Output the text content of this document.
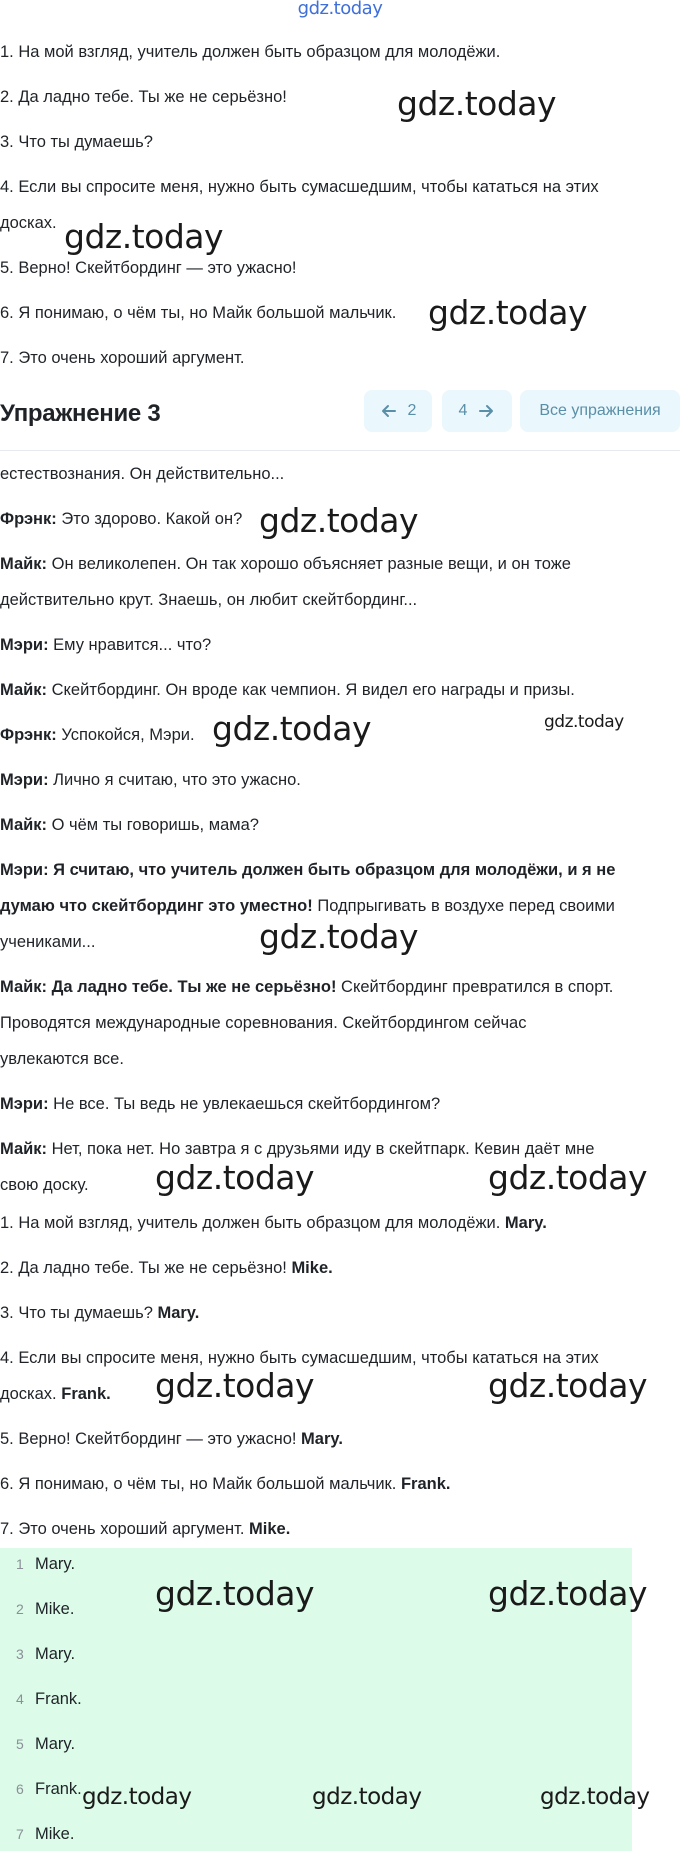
gdz.today
1. На мой взгляд, учитель должен быть образцом для молодёжи.
2. Да ладно тебе. Ты же не серьёзно!
3. Что ты думаешь?
4. Если вы спросите меня, нужно быть сумасшедшим, чтобы кататься на этих
досках.
5. Верно! Скейтбординг — это ужасно!
6. Я понимаю, о чём ты, но Майк большой мальчик.
7. Это очень хороший аргумент.
Упражнение 3	2	4	Все упражнения
естествознания. Он действительно...
Фрэнк: Это здорово. Какой он?
Майк: Он великолепен. Он так хорошо объясняет разные вещи, и он тоже
действительно крут. Знаешь, он любит скейтбординг...
Мэри: Ему нравится... что?
Майк: Скейтбординг. Он вроде как чемпион. Я видел его награды и призы.
Фрэнк: Успокойся, Мэри.
Мэри: Лично я считаю, что это ужасно.
Майк: О чём ты говоришь, мама?
Мэри: Я считаю, что учитель должен быть образцом для молодёжи, и я не
думаю что скейтбординг это уместно! Подпрыгивать в воздухе перед своими
учениками...
Майк: Да ладно тебе. Ты же не серьёзно! Скейтбординг превратился в спорт.
Проводятся международные соревнования. Скейтбордингом сейчас
увлекаются все.
Мэри: Не все. Ты ведь не увлекаешься скейтбордингом?
Майк: Нет, пока нет. Но завтра я с друзьями иду в скейтпарк. Кевин даёт мне
свою доску.
1. На мой взгляд, учитель должен быть образцом для молодёжи. Mary.
2. Да ладно тебе. Ты же не серьёзно! Mike.
3. Что ты думаешь? Mary.
4. Если вы спросите меня, нужно быть сумасшедшим, чтобы кататься на этих
досках. Frank.
5. Верно! Скейтбординг — это ужасно! Mary.
6. Я понимаю, о чём ты, но Майк большой мальчик. Frank.
7. Это очень хороший аргумент. Mike.
1 Mary.
2 Mike.
3 Mary.
4 Frank.
5 Mary.
6 Frank.
7 Mike.
gdz.today
gdz.today
gdz.today
gdz.today
gdz.today
gdz.today
gdz.today
gdz.today	gdz.today
gdz.today	gdz.today
gdz.today	gdz.today
gdz.today	gdz.today	gdz.today
